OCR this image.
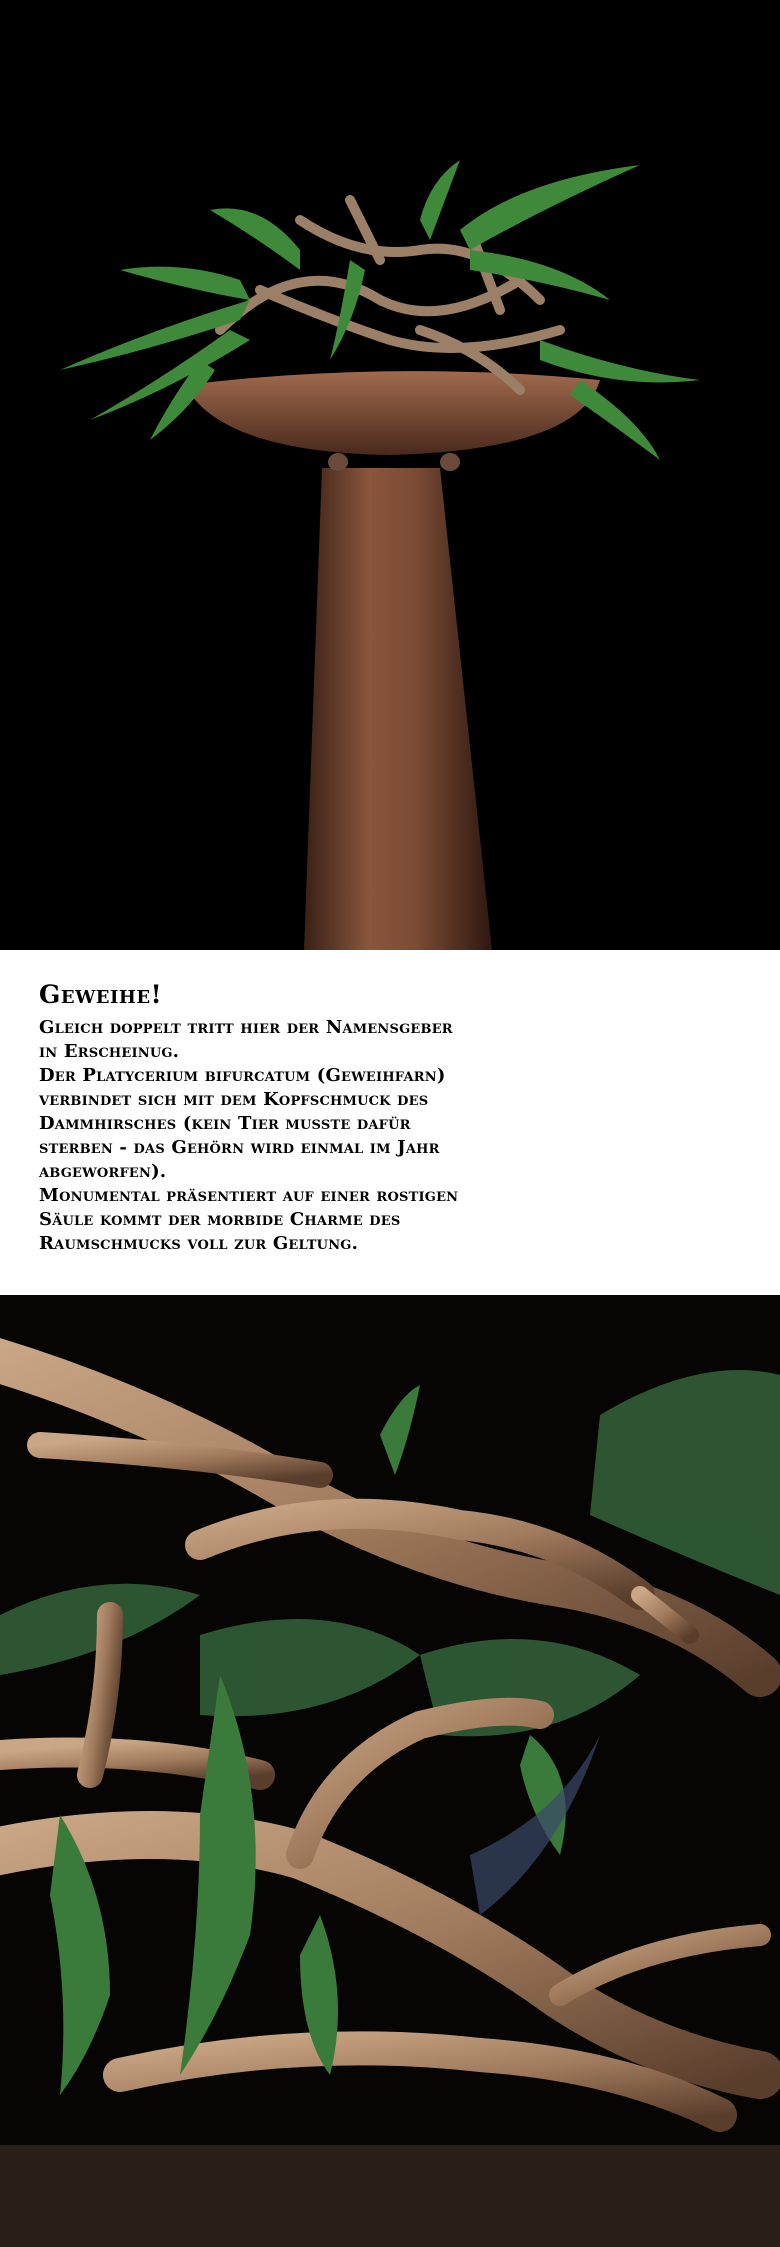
Geweihe!

Gleich doppelt tritt hier der Namensgeber

in Erscheinug.

Der Platycerium bifurcatum (Geweihfarn)

verbindet sich mit dem Kopfschmuck des

Dammhirsches (kein Tier musste dafür

sterben - das Gehörn wird einmal im Jahr

abgeworfen).

Monumental präsentiert auf einer rostigen

Säule kommt der morbide Charme des

Raumschmucks voll zur Geltung.
